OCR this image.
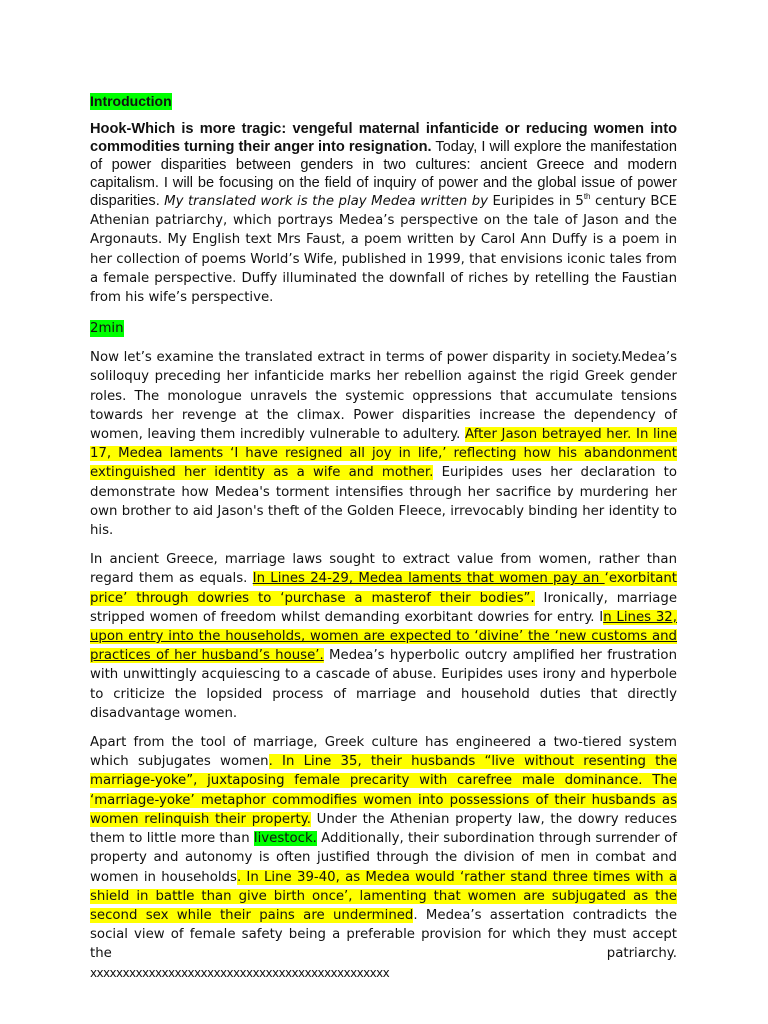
Introduction

Hook-Which is more tragic: vengeful maternal infanticide or reducing women into commodities turning their anger into resignation. Today, I will explore the manifestation of power disparities between genders in two cultures: ancient Greece and modern capitalism. I will be focusing on the field of inquiry of power and the global issue of power disparities. My translated work is the play Medea written by Euripides in 5th century BCE Athenian patriarchy, which portrays Medea’s perspective on the tale of Jason and the Argonauts. My English text Mrs Faust, a poem written by Carol Ann Duffy is a poem in her collection of poems World’s Wife, published in 1999, that envisions iconic tales from a female perspective. Duffy illuminated the downfall of riches by retelling the Faustian from his wife’s perspective.

2min

Now let’s examine the translated extract in terms of power disparity in society.Medea’s soliloquy preceding her infanticide marks her rebellion against the rigid Greek gender roles. The monologue unravels the systemic oppressions that accumulate tensions towards her revenge at the climax. Power disparities increase the dependency of women, leaving them incredibly vulnerable to adultery. After Jason betrayed her. In line 17, Medea laments ‘I have resigned all joy in life,’ reflecting how his abandonment extinguished her identity as a wife and mother. Euripides uses her declaration to demonstrate how Medea's torment intensifies through her sacrifice by murdering her own brother to aid Jason's theft of the Golden Fleece, irrevocably binding her identity to his.

In ancient Greece, marriage laws sought to extract value from women, rather than regard them as equals. In Lines 24-29, Medea laments that women pay an ‘exorbitant price’ through dowries to ‘purchase a masterof their bodies”. Ironically, marriage stripped women of freedom whilst demanding exorbitant dowries for entry. In Lines 32, upon entry into the households, women are expected to ‘divine’ the ‘new customs and practices of her husband’s house’. Medea’s hyperbolic outcry amplified her frustration with unwittingly acquiescing to a cascade of abuse. Euripides uses irony and hyperbole to criticize the lopsided process of marriage and household duties that directly disadvantage women.

Apart from the tool of marriage, Greek culture has engineered a two-tiered system which subjugates women. In Line 35, their husbands “live without resenting the marriage-yoke”, juxtaposing female precarity with carefree male dominance. The ‘marriage-yoke’ metaphor commodifies women into possessions of their husbands as women relinquish their property. Under the Athenian property law, the dowry reduces them to little more than livestock. Additionally, their subordination through surrender of property and autonomy is often justified through the division of men in combat and women in households. In Line 39-40, as Medea would ‘rather stand three times with a shield in battle than give birth once’, lamenting that women are subjugated as the second sex while their pains are undermined. Medea’s assertation contradicts the social view of female safety being a preferable provision for which they must accept the patriarchy.

xxxxxxxxxxxxxxxxxxxxxxxxxxxxxxxxxxxxxxxxxxxxxx
